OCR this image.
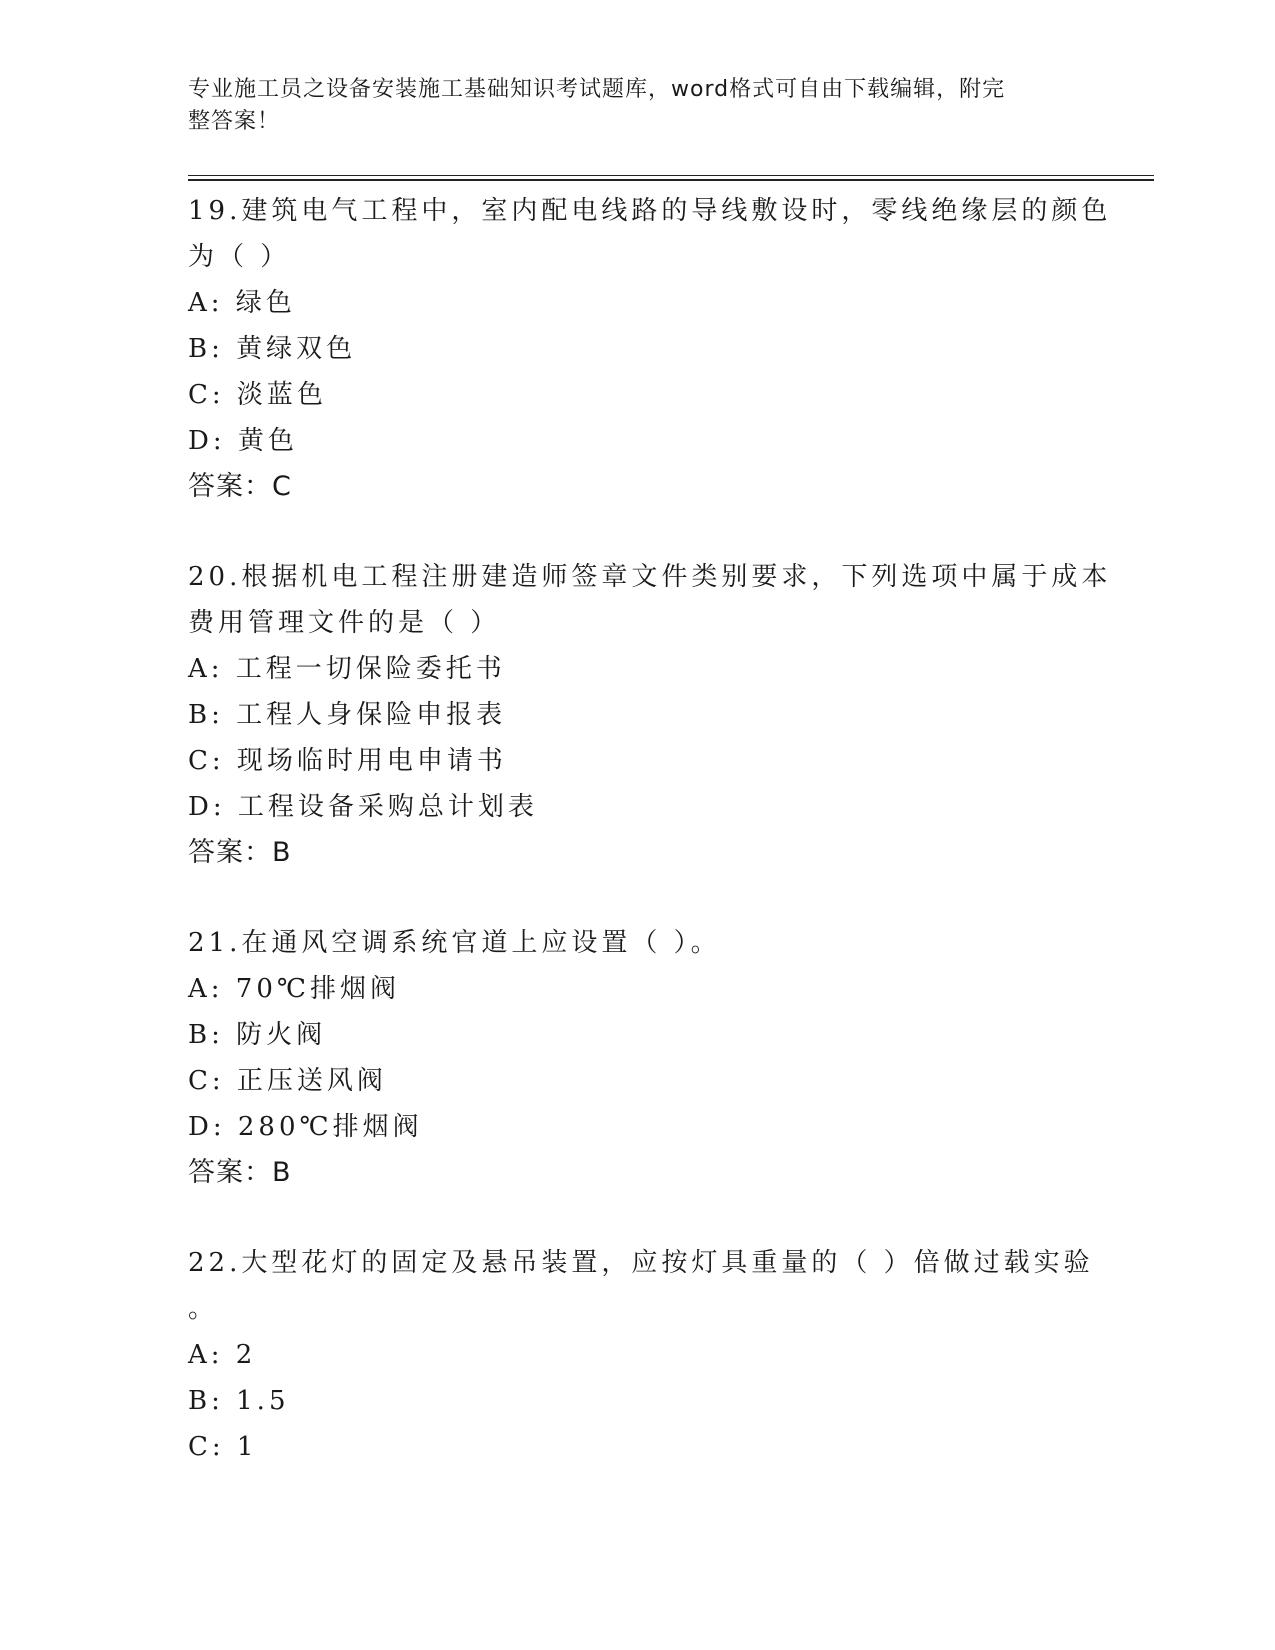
专业施工员之设备安装施工基础知识考试题库，word格式可自由下载编辑，附完
整答案！
19.建筑电气工程中，室内配电线路的导线敷设时，零线绝缘层的颜色
为（ ）
A: 绿色
B: 黄绿双色
C: 淡蓝色
D: 黄色
答案：C
20.根据机电工程注册建造师签章文件类别要求，下列选项中属于成本
费用管理文件的是（ ）
A: 工程一切保险委托书
B: 工程人身保险申报表
C: 现场临时用电申请书
D: 工程设备采购总计划表
答案：B
21.在通风空调系统官道上应设置（ ）。
A: 70℃排烟阀
B: 防火阀
C: 正压送风阀
D: 280℃排烟阀
答案：B
22.大型花灯的固定及悬吊装置，应按灯具重量的（ ）倍做过载实验
。
A: 2
B: 1.5
C: 1
